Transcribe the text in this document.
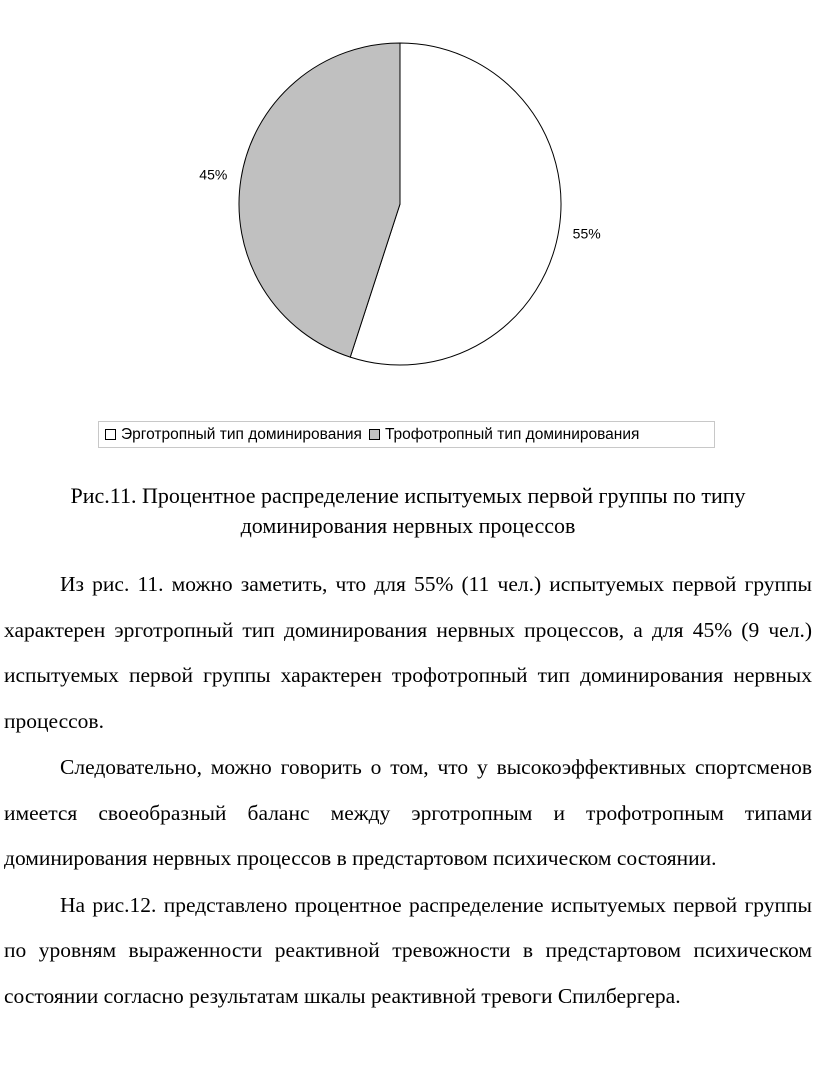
55%
45%
Эрготропный тип доминирования Трофотропный тип доминирования
Рис.11. Процентное распределение испытуемых первой группы по типу
доминирования нервных процессов

Из рис. 11. можно заметить, что для 55% (11 чел.) испытуемых первой группы характерен эрготропный тип доминирования нервных процессов, а для 45% (9 чел.) испытуемых первой группы характерен трофотропный тип доминирования нервных процессов.

Следовательно, можно говорить о том, что у высокоэффективных спортсменов имеется своеобразный баланс между эрготропным и трофотропным типами доминирования нервных процессов в предстартовом психическом состоянии.

На рис.12. представлено процентное распределение испытуемых первой группы по уровням выраженности реактивной тревожности в предстартовом психическом состоянии согласно результатам шкалы реактивной тревоги Спилбергера.
